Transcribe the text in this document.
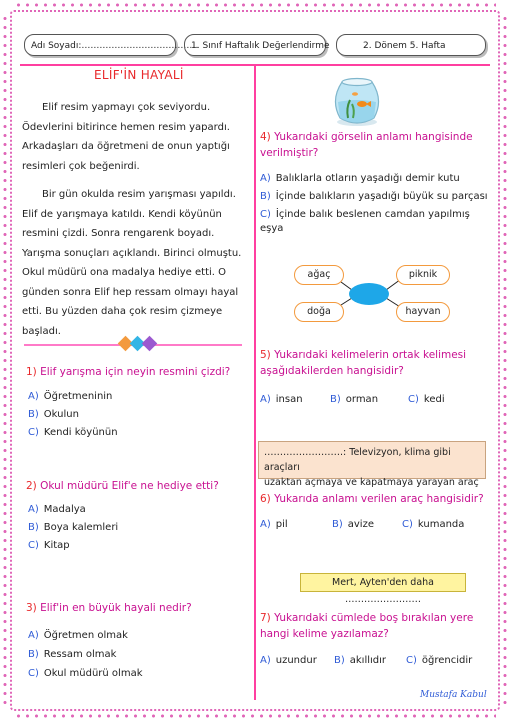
Adı Soyadı:…………………………………
1. Sınıf Haftalık Değerlendirme	2. Dönem 5. Hafta
ELİF'İN HAYALİ

Elif resim yapmayı çok seviyordu. Ödevlerini bitirince hemen resim yapardı. Arkadaşları da öğretmeni de onun yaptığı resimleri çok beğenirdi.

Bir gün okulda resim yarışması yapıldı. Elif de yarışmaya katıldı. Kendi köyünün resmini çizdi. Sonra rengarenk boyadı. Yarışma sonuçları açıklandı. Birinci olmuştu. Okul müdürü ona madalya hediye etti. O günden sonra Elif hep ressam olmayı hayal etti. Bu yüzden daha çok resim çizmeye başladı.

1) Elif yarışma için neyin resmini çizdi?
A) Öğretmeninin
B) Okulun
C) Kendi köyünün
2) Okul müdürü Elif'e ne hediye etti?
A) Madalya
B) Boya kalemleri
C) Kitap
3) Elif'in en büyük hayali nedir?
A) Öğretmen olmak
B) Ressam olmak
C) Okul müdürü olmak
4) Yukarıdaki görselin anlamı hangisinde verilmiştir?
A) Balıklarla otların yaşadığı demir kutu
B) İçinde balıkların yaşadığı büyük su parçası
C) İçinde balık beslenen camdan yapılmış eşya
ağaç	piknik
doğa	hayvan
5) Yukarıdaki kelimelerin ortak kelimesi aşağıdakilerden hangisidir?
A) insan	B) orman	C) kedi
…………………….: Televizyon, klima gibi araçları
uzaktan açmaya ve kapatmaya yarayan araç
6) Yukarıda anlamı verilen araç hangisidir?
A) pil	B) avize	C) kumanda
Mert, Ayten'den daha ……………………
7) Yukarıdaki cümlede boş bırakılan yere hangi kelime yazılamaz?
A) uzundur B) akıllıdır C) öğrencidir
Mustafa Kabul
